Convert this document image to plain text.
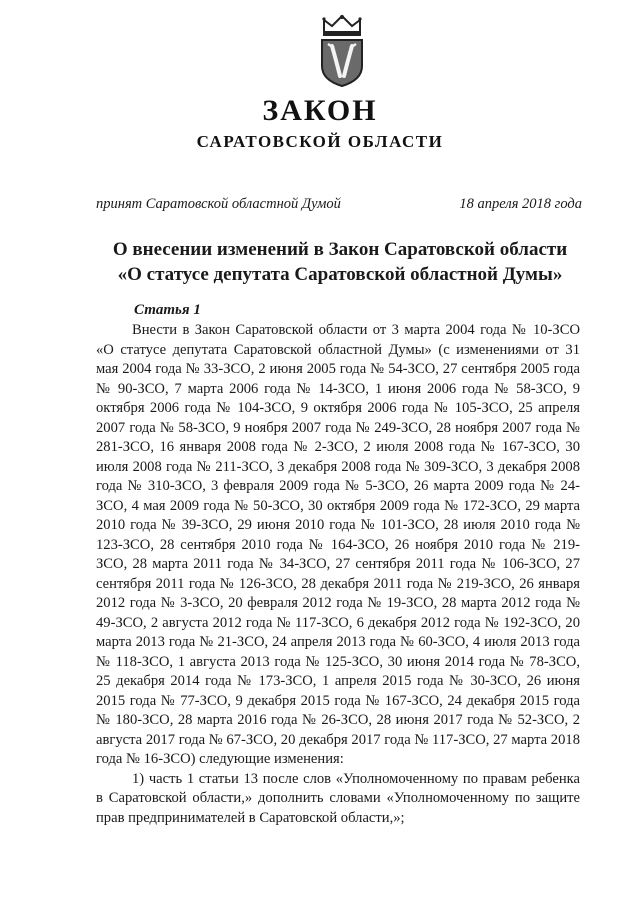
ЗАКОН
САРАТОВСКОЙ ОБЛАСТИ
принят Саратовской областной Думой	18 апреля 2018 года
О внесении изменений в Закон Саратовской области
«О статусе депутата Саратовской областной Думы»
Статья 1

Внести в Закон Саратовской области от 3 марта 2004 года № 10-ЗСО «О статусе депутата Саратовской областной Думы» (с изменениями от 31 мая 2004 года № 33-ЗСО, 2 июня 2005 года № 54-ЗСО, 27 сентября 2005 года № 90-ЗСО, 7 марта 2006 года № 14-ЗСО, 1 июня 2006 года № 58-ЗСО, 9 октября 2006 года № 104-ЗСО, 9 октября 2006 года № 105-ЗСО, 25 апреля 2007 года № 58-ЗСО, 9 ноября 2007 года № 249-ЗСО, 28 ноября 2007 года № 281-ЗСО, 16 января 2008 года № 2-ЗСО, 2 июля 2008 года № 167-ЗСО, 30 июля 2008 года № 211-ЗСО, 3 декабря 2008 года № 309-ЗСО, 3 декабря 2008 года № 310-ЗСО, 3 февраля 2009 года № 5-ЗСО, 26 марта 2009 года № 24-ЗСО, 4 мая 2009 года № 50-ЗСО, 30 октября 2009 года № 172-ЗСО, 29 марта 2010 года № 39-ЗСО, 29 июня 2010 года № 101-ЗСО, 28 июля 2010 года № 123-ЗСО, 28 сентября 2010 года № 164-ЗСО, 26 ноября 2010 года № 219-ЗСО, 28 марта 2011 года № 34-ЗСО, 27 сентября 2011 года № 106-ЗСО, 27 сентября 2011 года № 126-ЗСО, 28 декабря 2011 года № 219-ЗСО, 26 января 2012 года № 3-ЗСО, 20 февраля 2012 года № 19-ЗСО, 28 марта 2012 года № 49-ЗСО, 2 августа 2012 года № 117-ЗСО, 6 декабря 2012 года № 192-ЗСО, 20 марта 2013 года № 21-ЗСО, 24 апреля 2013 года № 60-ЗСО, 4 июля 2013 года № 118-ЗСО, 1 августа 2013 года № 125-ЗСО, 30 июня 2014 года № 78-ЗСО, 25 декабря 2014 года № 173-ЗСО, 1 апреля 2015 года № 30-ЗСО, 26 июня 2015 года № 77-ЗСО, 9 декабря 2015 года № 167-ЗСО, 24 декабря 2015 года № 180-ЗСО, 28 марта 2016 года № 26-ЗСО, 28 июня 2017 года № 52-ЗСО, 2 августа 2017 года № 67-ЗСО, 20 декабря 2017 года № 117-ЗСО, 27 марта 2018 года № 16-ЗСО) следующие изменения:

1) часть 1 статьи 13 после слов «Уполномоченному по правам ребенка в Саратовской области,» дополнить словами «Уполномоченному по защите прав предпринимателей в Саратовской области,»;
